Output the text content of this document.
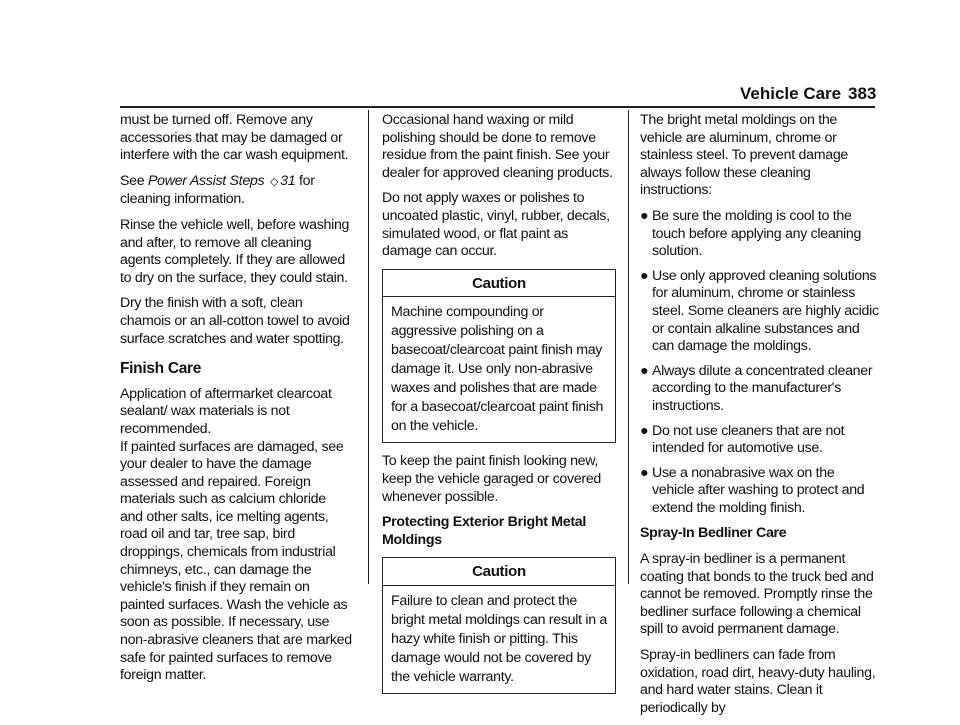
Vehicle Care 383

must be turned off. Remove any accessories that may be damaged or interfere with the car wash equipment.

See Power Assist Steps ◇ 31 for cleaning information.

Rinse the vehicle well, before washing and after, to remove all cleaning agents completely. If they are allowed to dry on the surface, they could stain.

Dry the finish with a soft, clean chamois or an all-cotton towel to avoid surface scratches and water spotting.

Finish Care

Application of aftermarket clearcoat sealant/ wax materials is not recommended.

If painted surfaces are damaged, see your dealer to have the damage assessed and repaired. Foreign materials such as calcium chloride and other salts, ice melting agents, road oil and tar, tree sap, bird droppings, chemicals from industrial chimneys, etc., can damage the vehicle's finish if they remain on painted surfaces. Wash the vehicle as soon as possible. If necessary, use non-abrasive cleaners that are marked safe for painted surfaces to remove foreign matter.

Occasional hand waxing or mild polishing should be done to remove residue from the paint finish. See your dealer for approved cleaning products.

Do not apply waxes or polishes to uncoated plastic, vinyl, rubber, decals, simulated wood, or flat paint as damage can occur.

Caution
Machine compounding or aggressive polishing on a basecoat/clearcoat paint finish may damage it. Use only non-abrasive waxes and polishes that are made for a basecoat/clearcoat paint finish on the vehicle.

To keep the paint finish looking new, keep the vehicle garaged or covered whenever possible.

Protecting Exterior Bright Metal Moldings
Caution
Failure to clean and protect the bright metal moldings can result in a hazy white finish or pitting. This damage would not be covered by the vehicle warranty.

The bright metal moldings on the vehicle are aluminum, chrome or stainless steel. To prevent damage always follow these cleaning instructions:

● Be sure the molding is cool to the touch before applying any cleaning solution.
● Use only approved cleaning solutions for aluminum, chrome or stainless steel. Some cleaners are highly acidic or contain alkaline substances and can damage the moldings.
● Always dilute a concentrated cleaner according to the manufacturer's instructions.
● Do not use cleaners that are not intended for automotive use.
● Use a nonabrasive wax on the vehicle after washing to protect and extend the molding finish.
Spray-In Bedliner Care

A spray-in bedliner is a permanent coating that bonds to the truck bed and cannot be removed. Promptly rinse the bedliner surface following a chemical spill to avoid permanent damage.

Spray-in bedliners can fade from oxidation, road dirt, heavy-duty hauling, and hard water stains. Clean it periodically by
